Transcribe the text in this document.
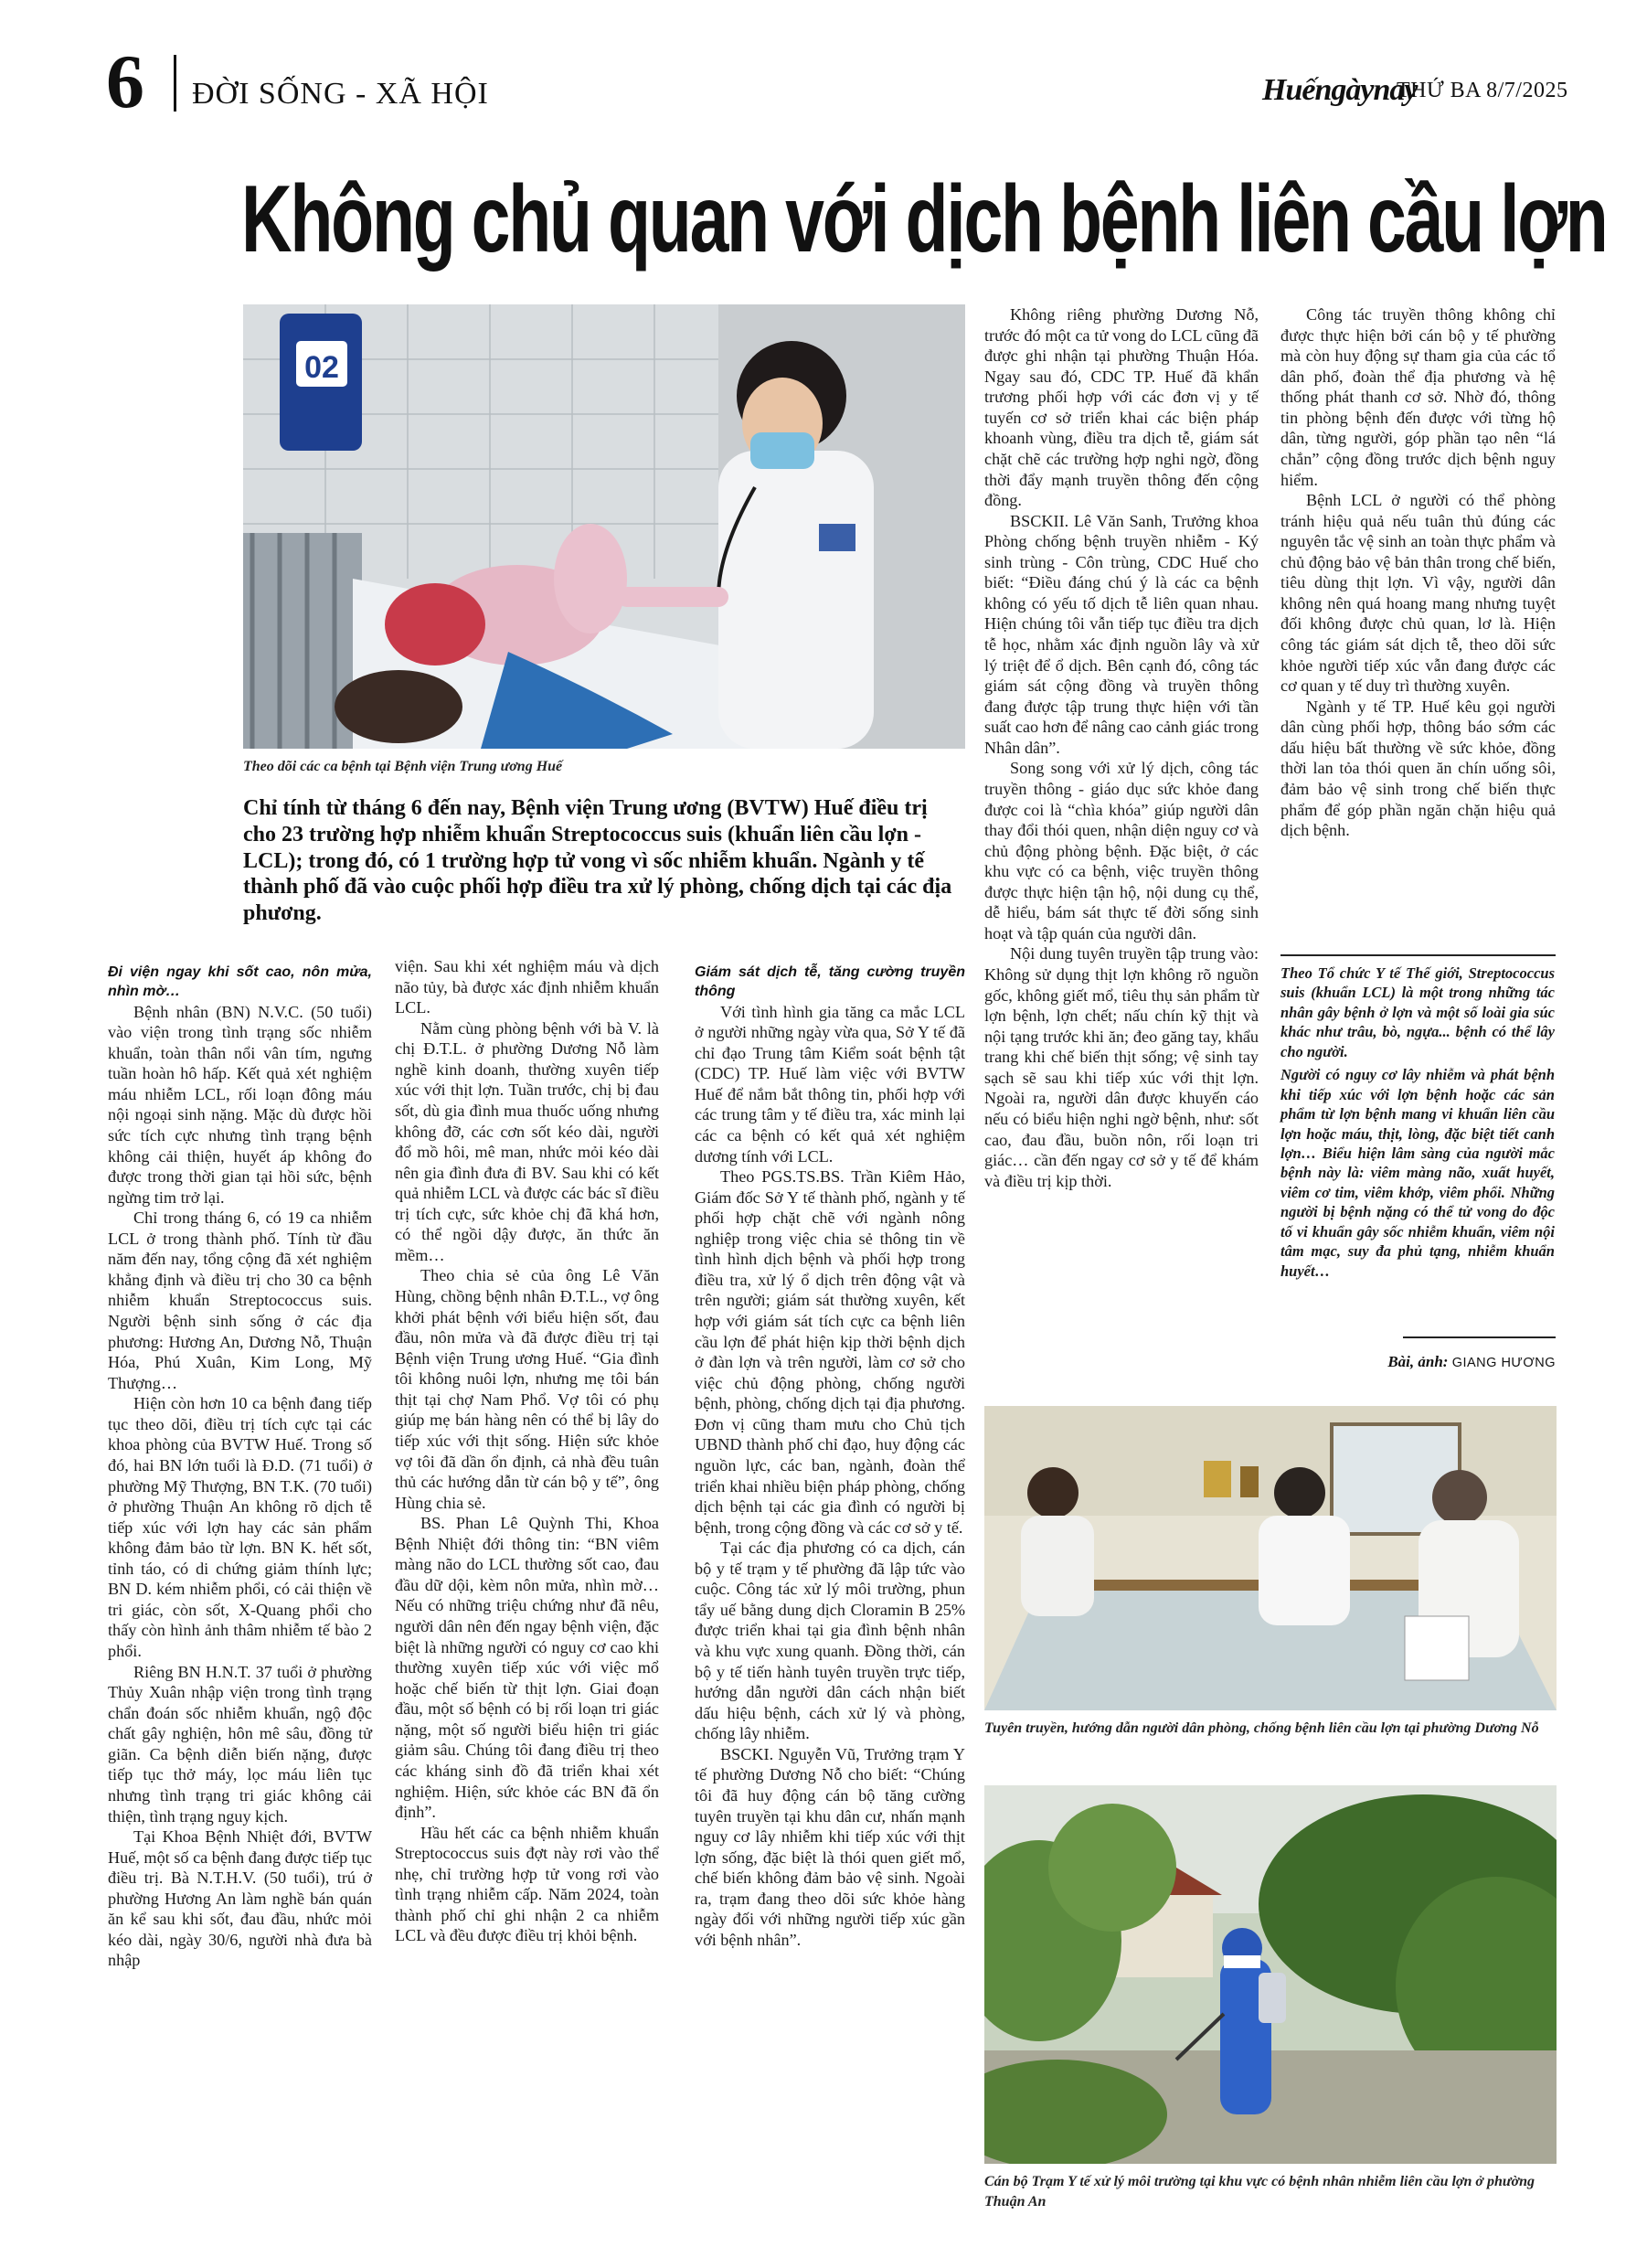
6 ĐỜI SỐNG - XÃ HỘI	Huếngàynay
THỨ BA 8/7/2025
Không chủ quan với dịch bệnh liên cầu lợn
02
Theo dõi các ca bệnh tại Bệnh viện Trung ương Huế
Chỉ tính từ tháng 6 đến nay, Bệnh viện Trung ương (BVTW) Huế điều trị cho 23 trường hợp nhiễm khuẩn Streptococcus suis (khuẩn liên cầu lợn - LCL); trong đó, có 1 trường hợp tử vong vì sốc nhiễm khuẩn. Ngành y tế thành phố đã vào cuộc phối hợp điều tra xử lý phòng, chống dịch tại các địa phương.
Tuyên truyền, hướng dẫn người dân phòng, chống bệnh liên cầu lợn tại phường Dương Nỗ
Cán bộ Trạm Y tế xử lý môi trường tại khu vực có bệnh nhân nhiễm liên cầu lợn ở phường Thuận An

Đi viện ngay khi sốt cao, nôn mửa, nhìn mờ…

Bệnh nhân (BN) N.V.C. (50 tuổi) vào viện trong tình trạng sốc nhiễm khuẩn, toàn thân nổi vân tím, ngưng tuần hoàn hô hấp. Kết quả xét nghiệm máu nhiễm LCL, rối loạn đông máu nội ngoại sinh nặng. Mặc dù được hồi sức tích cực nhưng tình trạng bệnh không cải thiện, huyết áp không đo được trong thời gian tại hồi sức, bệnh ngừng tim trở lại.

Chỉ trong tháng 6, có 19 ca nhiễm LCL ở trong thành phố. Tính từ đầu năm đến nay, tổng cộng đã xét nghiệm khẳng định và điều trị cho 30 ca bệnh nhiễm khuẩn Streptococcus suis. Người bệnh sinh sống ở các địa phương: Hương An, Dương Nỗ, Thuận Hóa, Phú Xuân, Kim Long, Mỹ Thượng…

Hiện còn hơn 10 ca bệnh đang tiếp tục theo dõi, điều trị tích cực tại các khoa phòng của BVTW Huế. Trong số đó, hai BN lớn tuổi là Đ.D. (71 tuổi) ở phường Mỹ Thượng, BN T.K. (70 tuổi) ở phường Thuận An không rõ dịch tễ tiếp xúc với lợn hay các sản phẩm không đảm bảo từ lợn. BN K. hết sốt, tỉnh táo, có di chứng giảm thính lực; BN D. kém nhiễm phổi, có cải thiện về tri giác, còn sốt, X-Quang phổi cho thấy còn hình ảnh thâm nhiễm tế bào 2 phổi.

Riêng BN H.N.T. 37 tuổi ở phường Thủy Xuân nhập viện trong tình trạng chẩn đoán sốc nhiễm khuẩn, ngộ độc chất gây nghiện, hôn mê sâu, đồng tử giãn. Ca bệnh diễn biến nặng, được tiếp tục thở máy, lọc máu liên tục nhưng tình trạng tri giác không cải thiện, tình trạng nguy kịch.

Tại Khoa Bệnh Nhiệt đới, BVTW Huế, một số ca bệnh đang được tiếp tục điều trị. Bà N.T.H.V. (50 tuổi), trú ở phường Hương An làm nghề bán quán ăn kể sau khi sốt, đau đầu, nhức mỏi kéo dài, ngày 30/6, người nhà đưa bà nhập

viện. Sau khi xét nghiệm máu và dịch não tủy, bà được xác định nhiễm khuẩn LCL.

Nằm cùng phòng bệnh với bà V. là chị Đ.T.L. ở phường Dương Nỗ làm nghề kinh doanh, thường xuyên tiếp xúc với thịt lợn. Tuần trước, chị bị đau sốt, dù gia đình mua thuốc uống nhưng không đỡ, các cơn sốt kéo dài, người đổ mồ hôi, mê man, nhức mỏi kéo dài nên gia đình đưa đi BV. Sau khi có kết quả nhiễm LCL và được các bác sĩ điều trị tích cực, sức khỏe chị đã khá hơn, có thể ngồi dậy được, ăn thức ăn mềm…

Theo chia sẻ của ông Lê Văn Hùng, chồng bệnh nhân Đ.T.L., vợ ông khởi phát bệnh với biểu hiện sốt, đau đầu, nôn mửa và đã được điều trị tại Bệnh viện Trung ương Huế. “Gia đình tôi không nuôi lợn, nhưng mẹ tôi bán thịt tại chợ Nam Phổ. Vợ tôi có phụ giúp mẹ bán hàng nên có thể bị lây do tiếp xúc với thịt sống. Hiện sức khỏe vợ tôi đã dần ổn định, cả nhà đều tuân thủ các hướng dẫn từ cán bộ y tế”, ông Hùng chia sẻ.

BS. Phan Lê Quỳnh Thi, Khoa Bệnh Nhiệt đới thông tin: “BN viêm màng não do LCL thường sốt cao, đau đầu dữ dội, kèm nôn mửa, nhìn mờ… Nếu có những triệu chứng như đã nêu, người dân nên đến ngay bệnh viện, đặc biệt là những người có nguy cơ cao khi thường xuyên tiếp xúc với việc mổ hoặc chế biến từ thịt lợn. Giai đoạn đầu, một số bệnh có bị rối loạn tri giác nặng, một số người biểu hiện tri giác giảm sâu. Chúng tôi đang điều trị theo các kháng sinh đồ đã triển khai xét nghiệm. Hiện, sức khỏe các BN đã ổn định”.

Hầu hết các ca bệnh nhiễm khuẩn Streptococcus suis đợt này rơi vào thể nhẹ, chỉ trường hợp tử vong rơi vào tình trạng nhiễm cấp. Năm 2024, toàn thành phố chỉ ghi nhận 2 ca nhiễm LCL và đều được điều trị khỏi bệnh.

Giám sát dịch tễ, tăng cường truyền thông

Với tình hình gia tăng ca mắc LCL ở người những ngày vừa qua, Sở Y tế đã chỉ đạo Trung tâm Kiểm soát bệnh tật (CDC) TP. Huế làm việc với BVTW Huế để nắm bắt thông tin, phối hợp với các trung tâm y tế điều tra, xác minh lại các ca bệnh có kết quả xét nghiệm dương tính với LCL.

Theo PGS.TS.BS. Trần Kiêm Hảo, Giám đốc Sở Y tế thành phố, ngành y tế phối hợp chặt chẽ với ngành nông nghiệp trong việc chia sẻ thông tin về tình hình dịch bệnh và phối hợp trong điều tra, xử lý ổ dịch trên động vật và trên người; giám sát thường xuyên, kết hợp với giám sát tích cực ca bệnh liên cầu lợn để phát hiện kịp thời bệnh dịch ở đàn lợn và trên người, làm cơ sở cho việc chủ động phòng, chống người bệnh, phòng, chống dịch tại địa phương. Đơn vị cũng tham mưu cho Chủ tịch UBND thành phố chỉ đạo, huy động các nguồn lực, các ban, ngành, đoàn thể triển khai nhiều biện pháp phòng, chống dịch bệnh tại các gia đình có người bị bệnh, trong cộng đồng và các cơ sở y tế.

Tại các địa phương có ca dịch, cán bộ y tế trạm y tế phường đã lập tức vào cuộc. Công tác xử lý môi trường, phun tẩy uế bằng dung dịch Cloramin B 25% được triển khai tại gia đình bệnh nhân và khu vực xung quanh. Đồng thời, cán bộ y tế tiến hành tuyên truyền trực tiếp, hướng dẫn người dân cách nhận biết dấu hiệu bệnh, cách xử lý và phòng, chống lây nhiễm.

BSCKI. Nguyễn Vũ, Trưởng trạm Y tế phường Dương Nỗ cho biết: “Chúng tôi đã huy động cán bộ tăng cường tuyên truyền tại khu dân cư, nhấn mạnh nguy cơ lây nhiễm khi tiếp xúc với thịt lợn sống, đặc biệt là thói quen giết mổ, chế biến không đảm bảo vệ sinh. Ngoài ra, trạm đang theo dõi sức khỏe hàng ngày đối với những người tiếp xúc gần với bệnh nhân”.

Không riêng phường Dương Nỗ, trước đó một ca tử vong do LCL cũng đã được ghi nhận tại phường Thuận Hóa. Ngay sau đó, CDC TP. Huế đã khẩn trương phối hợp với các đơn vị y tế tuyến cơ sở triển khai các biện pháp khoanh vùng, điều tra dịch tễ, giám sát chặt chẽ các trường hợp nghi ngờ, đồng thời đẩy mạnh truyền thông đến cộng đồng.

BSCKII. Lê Văn Sanh, Trưởng khoa Phòng chống bệnh truyền nhiễm - Ký sinh trùng - Côn trùng, CDC Huế cho biết: “Điều đáng chú ý là các ca bệnh không có yếu tố dịch tễ liên quan nhau. Hiện chúng tôi vẫn tiếp tục điều tra dịch tễ học, nhằm xác định nguồn lây và xử lý triệt để ổ dịch. Bên cạnh đó, công tác giám sát cộng đồng và truyền thông đang được tập trung thực hiện với tần suất cao hơn để nâng cao cảnh giác trong Nhân dân”.

Song song với xử lý dịch, công tác truyền thông - giáo dục sức khỏe đang được coi là “chìa khóa” giúp người dân thay đổi thói quen, nhận diện nguy cơ và chủ động phòng bệnh. Đặc biệt, ở các khu vực có ca bệnh, việc truyền thông được thực hiện tận hộ, nội dung cụ thể, dễ hiểu, bám sát thực tế đời sống sinh hoạt và tập quán của người dân.

Nội dung tuyên truyền tập trung vào: Không sử dụng thịt lợn không rõ nguồn gốc, không giết mổ, tiêu thụ sản phẩm từ lợn bệnh, lợn chết; nấu chín kỹ thịt và nội tạng trước khi ăn; đeo găng tay, khẩu trang khi chế biến thịt sống; vệ sinh tay sạch sẽ sau khi tiếp xúc với thịt lợn. Ngoài ra, người dân được khuyến cáo nếu có biểu hiện nghi ngờ bệnh, như: sốt cao, đau đầu, buồn nôn, rối loạn tri giác… cần đến ngay cơ sở y tế để khám và điều trị kịp thời.

Công tác truyền thông không chỉ được thực hiện bởi cán bộ y tế phường mà còn huy động sự tham gia của các tổ dân phố, đoàn thể địa phương và hệ thống phát thanh cơ sở. Nhờ đó, thông tin phòng bệnh đến được với từng hộ dân, từng người, góp phần tạo nên “lá chắn” cộng đồng trước dịch bệnh nguy hiểm.

Bệnh LCL ở người có thể phòng tránh hiệu quả nếu tuân thủ đúng các nguyên tắc vệ sinh an toàn thực phẩm và chủ động bảo vệ bản thân trong chế biến, tiêu dùng thịt lợn. Vì vậy, người dân không nên quá hoang mang nhưng tuyệt đối không được chủ quan, lơ là. Hiện công tác giám sát dịch tễ, theo dõi sức khỏe người tiếp xúc vẫn đang được các cơ quan y tế duy trì thường xuyên.

Ngành y tế TP. Huế kêu gọi người dân cùng phối hợp, thông báo sớm các dấu hiệu bất thường về sức khỏe, đồng thời lan tỏa thói quen ăn chín uống sôi, đảm bảo vệ sinh trong chế biến thực phẩm để góp phần ngăn chặn hiệu quả dịch bệnh.

Theo Tổ chức Y tế Thế giới, Streptococcus suis (khuẩn LCL) là một trong những tác nhân gây bệnh ở lợn và một số loài gia súc khác như trâu, bò, ngựa... bệnh có thể lây cho người.

Người có nguy cơ lây nhiễm và phát bệnh khi tiếp xúc với lợn bệnh hoặc các sản phẩm từ lợn bệnh mang vi khuẩn liên cầu lợn hoặc máu, thịt, lòng, đặc biệt tiết canh lợn… Biểu hiện lâm sàng của người mắc bệnh này là: viêm màng não, xuất huyết, viêm cơ tim, viêm khớp, viêm phổi. Những người bị bệnh nặng có thể tử vong do độc tố vi khuẩn gây sốc nhiễm khuẩn, viêm nội tâm mạc, suy đa phủ tạng, nhiễm khuẩn huyết…

Bài, ảnh: GIANG HƯƠNG
